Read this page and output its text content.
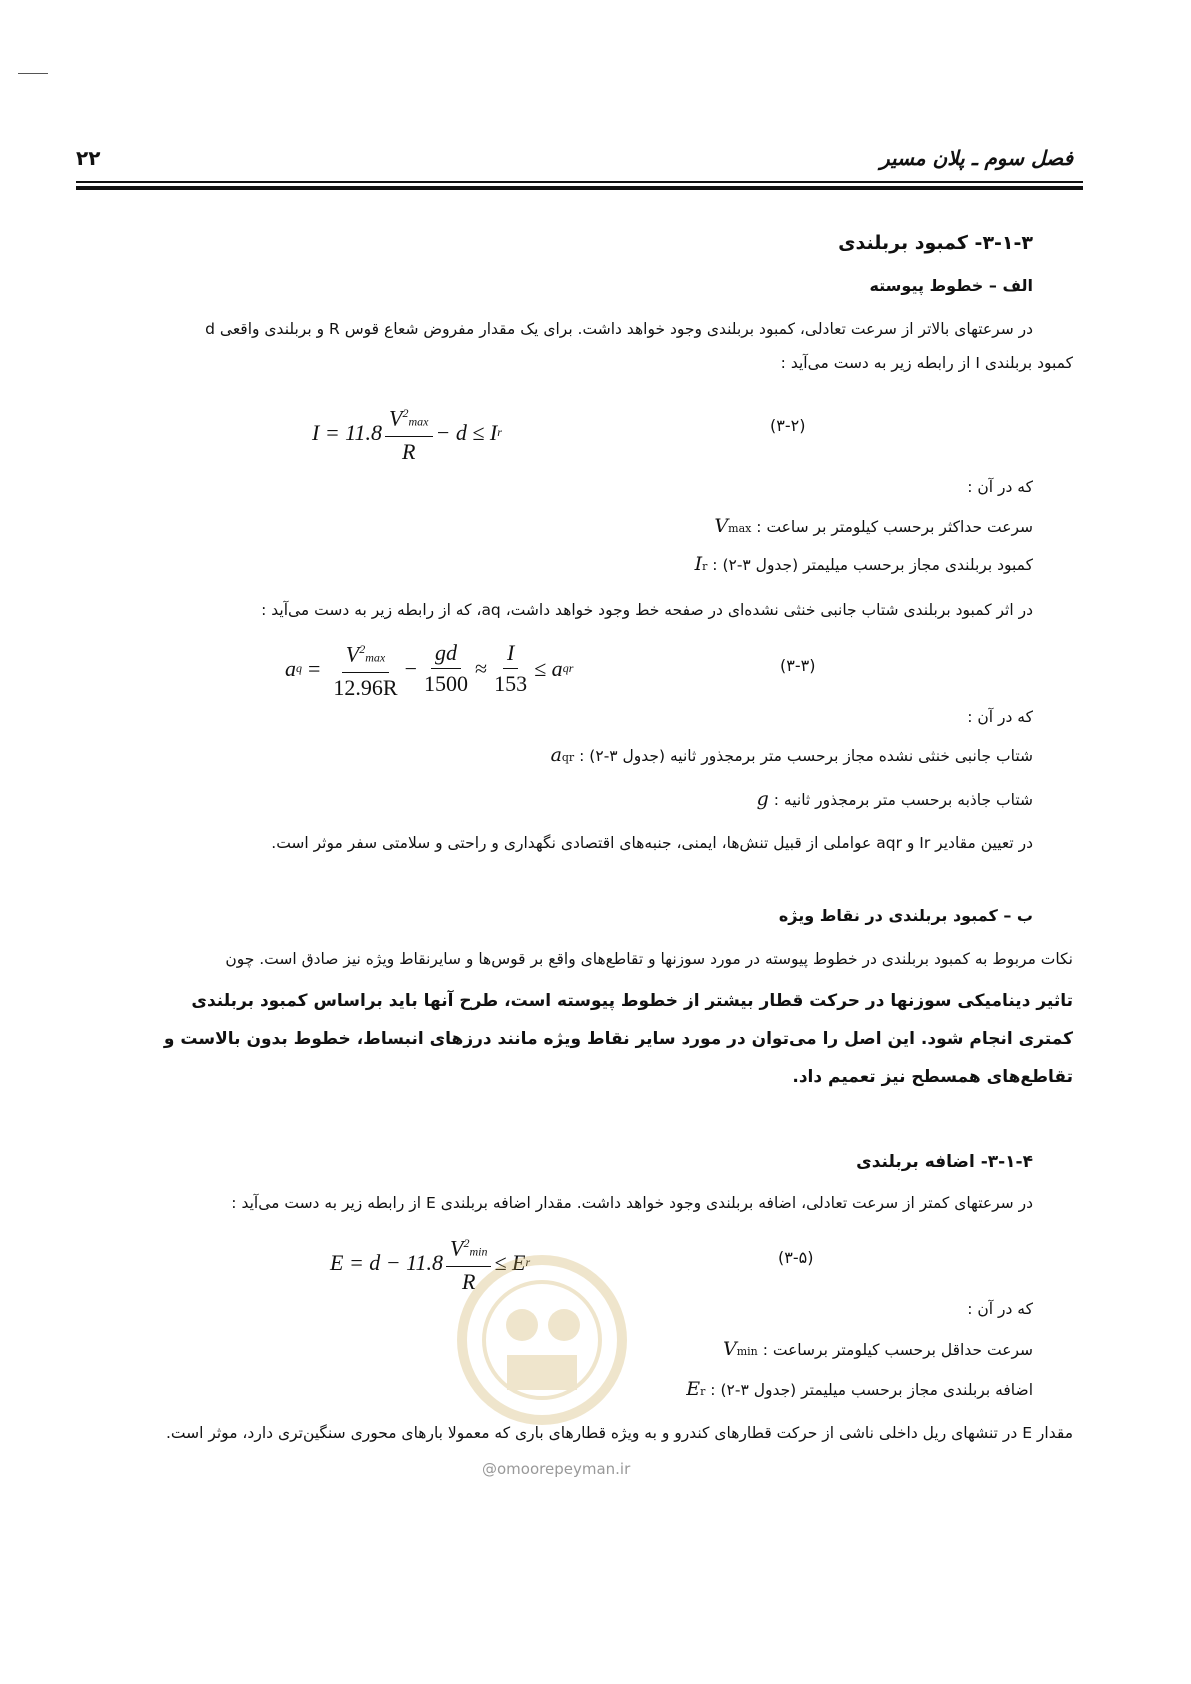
۲۲	فصل سوم ـ پلان مسیر
۳-۱-۳- کمبود بربلندی
الف – خطوط پیوسته
در سرعتهای بالاتر از سرعت تعادلی، کمبود بربلندی وجود خواهد داشت. برای یک مقدار مفروض شعاع قوس R و بربلندی واقعی d
کمبود بربلندی I از رابطه زیر به دست می‌آید :
$I = 11.8 \frac{V^2\max}{R} - d \le I$ r	(۳-۲)
که در آن :
Vmax : سرعت حداکثر برحسب کیلومتر بر ساعت
Ir : کمبود بربلندی مجاز برحسب میلیمتر (جدول ۳-۲)
در اثر کمبود بربلندی شتاب جانبی خنثی نشده‌ای در صفحه خط وجود خواهد داشت، aq، که از رابطه زیر به دست می‌آید :
a $q = \frac{V^2\max}{12.96R} - \frac{gd}{1500} \approx \frac{I}{153} \le a$ qr	(۳-۳)
که در آن :
aqr : شتاب جانبی خنثی نشده مجاز برحسب متر برمجذور ثانیه (جدول ۳-۲)
g : شتاب جاذبه برحسب متر برمجذور ثانیه
در تعیین مقادیر Ir و aqr عواملی از قبیل تنش‌ها، ایمنی، جنبه‌های اقتصادی نگهداری و راحتی و سلامتی سفر موثر است.
ب – کمبود بربلندی در نقاط ویژه
نکات مربوط به کمبود بربلندی در خطوط پیوسته در مورد سوزنها و تقاطع‌های واقع بر قوس‌ها و سایرنقاط ویژه نیز صادق است. چون
تاثیر دینامیکی سوزنها در حرکت قطار بیشتر از خطوط پیوسته است، طرح آنها باید براساس کمبود بربلندی کمتری انجام شود. این اصل را می‌توان در مورد سایر نقاط ویژه مانند درزهای انبساط، خطوط بدون بالاست و تقاطع‌های همسطح نیز تعمیم داد.
۳-۱-۴- اضافه بربلندی
در سرعتهای کمتر از سرعت تعادلی، اضافه بربلندی وجود خواهد داشت. مقدار اضافه بربلندی E از رابطه زیر به دست می‌آید :
$E = d - 11.8 \frac{V^2\min}{R} \le E$ r	(۳-۵)
که در آن :
Vmin : سرعت حداقل برحسب کیلومتر برساعت
Er : اضافه بربلندی مجاز برحسب میلیمتر (جدول ۳-۲)
مقدار E در تنشهای ریل داخلی ناشی از حرکت قطارهای کندرو و به ویژه قطارهای باری که معمولا بارهای محوری سنگین‌تری دارد، موثر است.
@omoorepeyman.ir
